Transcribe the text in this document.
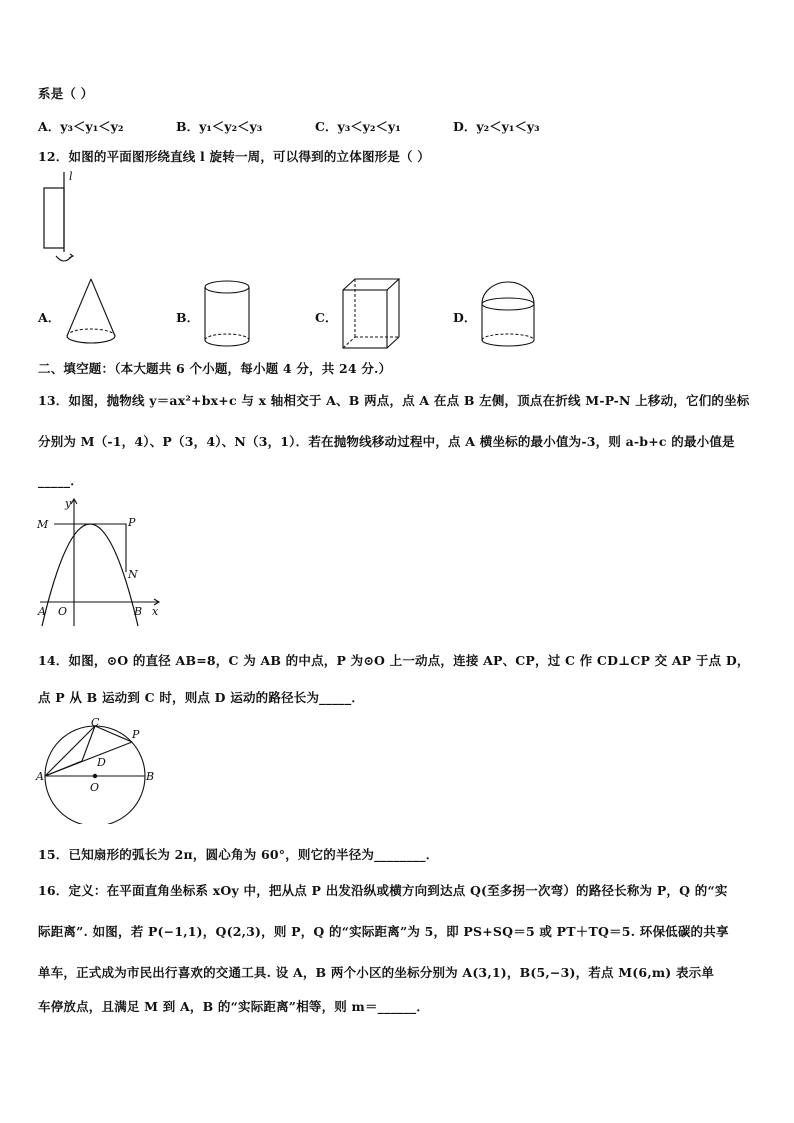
系是（ ）
A．y₃＜y₁＜y₂	B．y₁＜y₂＜y₃	C．y₃＜y₂＜y₁	D．y₂＜y₁＜y₃
12．如图的平面图形绕直线 l 旋转一周，可以得到的立体图形是（ ）
l
A．	B．	C．	D．
二、填空题：（本大题共 6 个小题，每小题 4 分，共 24 分.）
13．如图，抛物线 y＝ax²+bx+c 与 x 轴相交于 A、B 两点，点 A 在点 B 左侧，顶点在折线 M-P-N 上移动，它们的坐标
分别为 M（-1，4）、P（3，4）、N（3，1）．若在抛物线移动过程中，点 A 横坐标的最小值为-3，则 a-b+c 的最小值是
_____．
y
x
M	P
N
A O	B
14．如图，⊙O 的直径 AB=8，C 为 AB 的中点，P 为⊙O 上一动点，连接 AP、CP，过 C 作 CD⊥CP 交 AP 于点 D，
点 P 从 B 运动到 C 时，则点 D 运动的路径长为_____．
C
P
D
A
O
B
15．已知扇形的弧长为 2π，圆心角为 60°，则它的半径为________．
16．定义：在平面直角坐标系 xOy 中，把从点 P 出发沿纵或横方向到达点 Q(至多拐一次弯）的路径长称为 P，Q 的“实
际距离”. 如图，若 P(−1,1)，Q(2,3)，则 P，Q 的“实际距离”为 5，即 PS+SQ＝5 或 PT＋TQ＝5. 环保低碳的共享
单车，正式成为市民出行喜欢的交通工具. 设 A，B 两个小区的坐标分别为 A(3,1)，B(5,−3)，若点 M(6,m) 表示单
车停放点，且满足 M 到 A，B 的“实际距离”相等，则 m＝______．
